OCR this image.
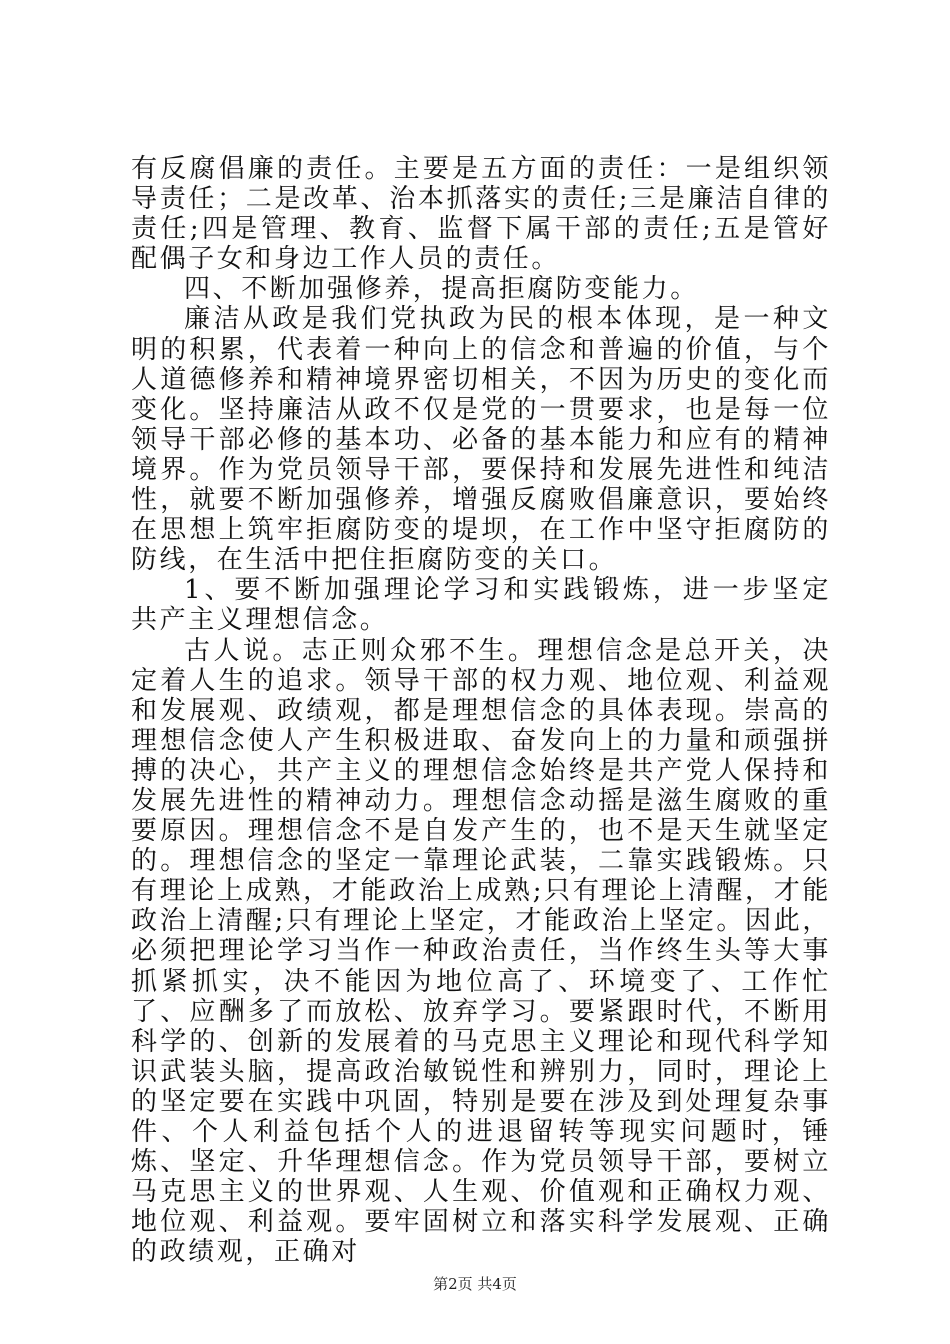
有反腐倡廉的责任。主要是五方面的责任：一是组织领导责任；二是改革、治本抓落实的责任;三是廉洁自律的责任;四是管理、教育、监督下属干部的责任;五是管好配偶子女和身边工作人员的责任。

四、不断加强修养，提高拒腐防变能力。

廉洁从政是我们党执政为民的根本体现，是一种文明的积累，代表着一种向上的信念和普遍的价值，与个人道德修养和精神境界密切相关，不因为历史的变化而变化。坚持廉洁从政不仅是党的一贯要求，也是每一位领导干部必修的基本功、必备的基本能力和应有的精神境界。作为党员领导干部，要保持和发展先进性和纯洁性，就要不断加强修养，增强反腐败倡廉意识，要始终在思想上筑牢拒腐防变的堤坝，在工作中坚守拒腐防的防线，在生活中把住拒腐防变的关口。

1、要不断加强理论学习和实践锻炼，进一步坚定共产主义理想信念。

古人说。志正则众邪不生。理想信念是总开关，决定着人生的追求。领导干部的权力观、地位观、利益观和发展观、政绩观，都是理想信念的具体表现。崇高的理想信念使人产生积极进取、奋发向上的力量和顽强拼搏的决心，共产主义的理想信念始终是共产党人保持和发展先进性的精神动力。理想信念动摇是滋生腐败的重要原因。理想信念不是自发产生的，也不是天生就坚定的。理想信念的坚定一靠理论武装，二靠实践锻炼。只有理论上成熟，才能政治上成熟;只有理论上清醒，才能政治上清醒;只有理论上坚定，才能政治上坚定。因此，必须把理论学习当作一种政治责任，当作终生头等大事抓紧抓实，决不能因为地位高了、环境变了、工作忙了、应酬多了而放松、放弃学习。要紧跟时代，不断用科学的、创新的发展着的马克思主义理论和现代科学知识武装头脑，提高政治敏锐性和辨别力，同时，理论上的坚定要在实践中巩固，特别是要在涉及到处理复杂事件、个人利益包括个人的进退留转等现实问题时，锤炼、坚定、升华理想信念。作为党员领导干部，要树立马克思主义的世界观、人生观、价值观和正确权力观、地位观、利益观。要牢固树立和落实科学发展观、正确的政绩观，正确对

第2页 共4页
